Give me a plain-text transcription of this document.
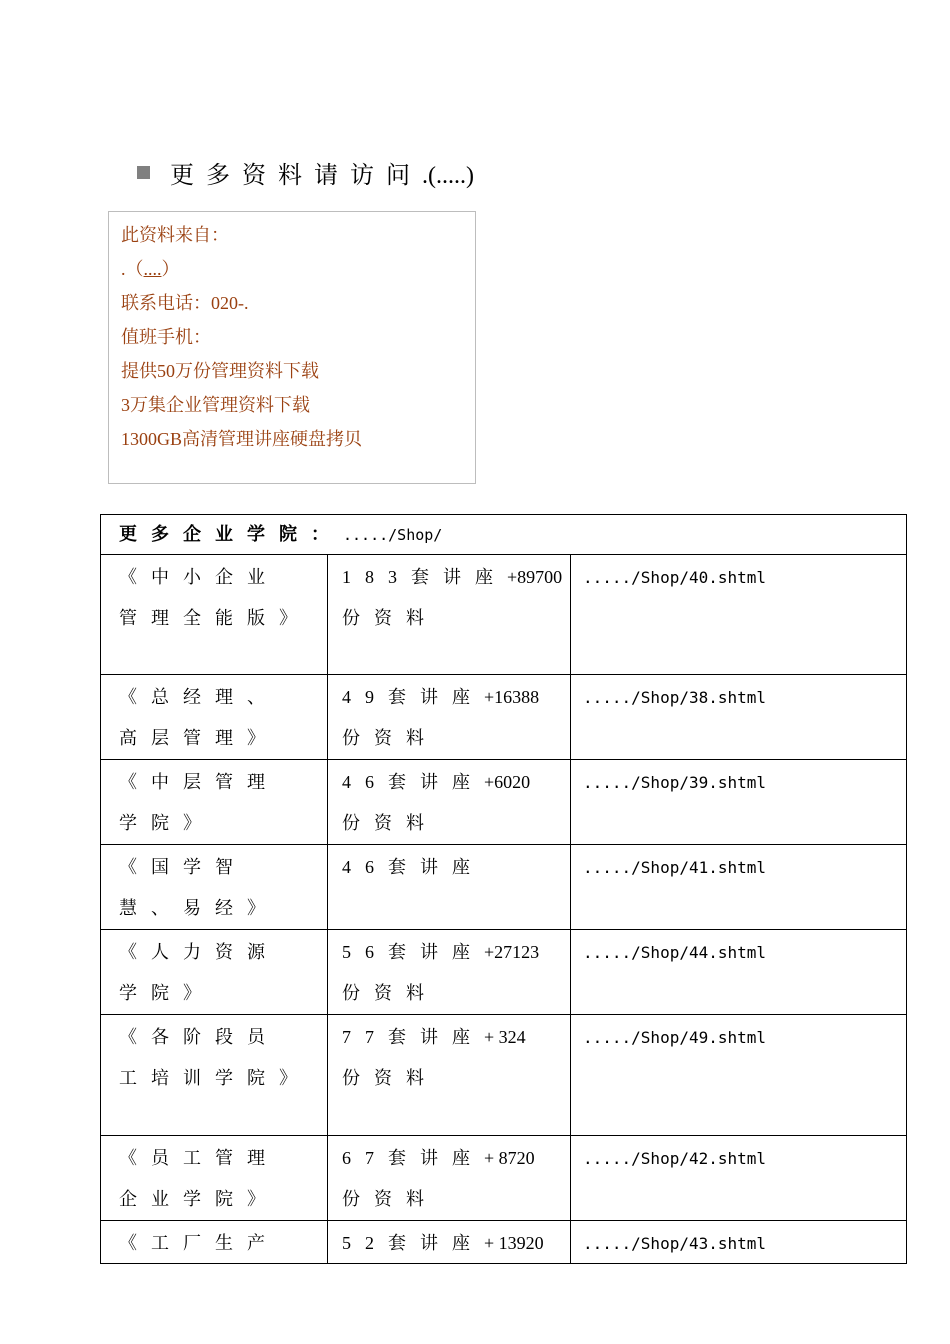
更多资料请访问.(.....)
此资料来自：
.（....）
联系电话：020-.
值班手机：
提供50万份管理资料下载
3万集企业管理资料下载
1300GB高清管理讲座硬盘拷贝
更多企业学院：...../Shop/		

《中小企业管理全能版》	183套讲座+89700
份资料	...../Shop/40.shtml

《总经理、高层管理》	49套讲座+16388
份资料	...../Shop/38.shtml

《中层管理学院》	46套讲座+6020
份资料	...../Shop/39.shtml

《国学智慧、易经》	46套讲座	...../Shop/41.shtml

《人力资源学院》	56套讲座+27123
份资料	...../Shop/44.shtml

《各阶段员工培训学院》	77套讲座+ 324
份资料	...../Shop/49.shtml

《员工管理企业学院》	67套讲座+ 8720
份资料	...../Shop/42.shtml

《工厂生产	52套讲座+ 13920	...../Shop/43.shtml
